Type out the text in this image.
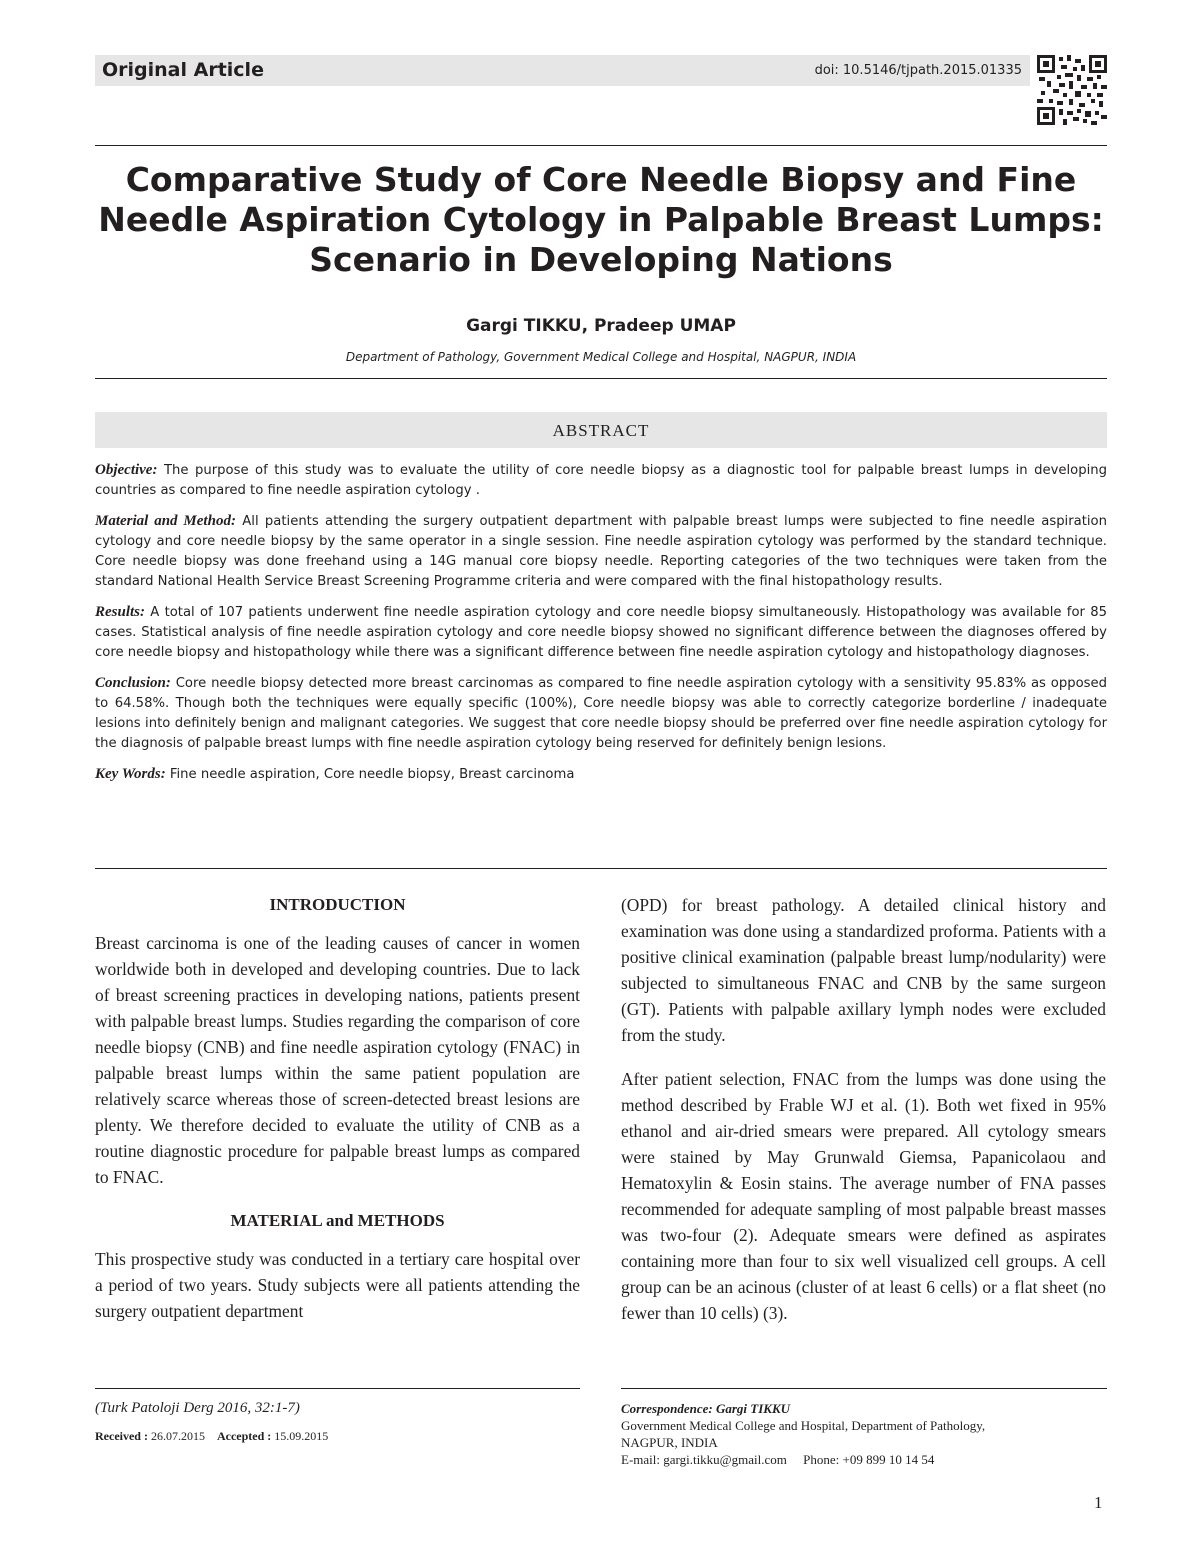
Original Article	doi: 10.5146/tjpath.2015.01335
Comparative Study of Core Needle Biopsy and Fine
Needle Aspiration Cytology in Palpable Breast Lumps:
Scenario in Developing Nations
Gargi TIKKU, Pradeep UMAP
Department of Pathology, Government Medical College and Hospital, NAGPUR, INDIA
ABSTRACT

Objective: The purpose of this study was to evaluate the utility of core needle biopsy as a diagnostic tool for palpable breast lumps in developing countries as compared to fine needle aspiration cytology .

Material and Method: All patients attending the surgery outpatient department with palpable breast lumps were subjected to fine needle aspiration cytology and core needle biopsy by the same operator in a single session. Fine needle aspiration cytology was performed by the standard technique. Core needle biopsy was done freehand using a 14G manual core biopsy needle. Reporting categories of the two techniques were taken from the standard National Health Service Breast Screening Programme criteria and were compared with the final histopathology results.

Results: A total of 107 patients underwent fine needle aspiration cytology and core needle biopsy simultaneously. Histopathology was available for 85 cases. Statistical analysis of fine needle aspiration cytology and core needle biopsy showed no significant difference between the diagnoses offered by core needle biopsy and histopathology while there was a significant difference between fine needle aspiration cytology and histopathology diagnoses.

Conclusion: Core needle biopsy detected more breast carcinomas as compared to fine needle aspiration cytology with a sensitivity 95.83% as opposed to 64.58%. Though both the techniques were equally specific (100%), Core needle biopsy was able to correctly categorize borderline / inadequate lesions into definitely benign and malignant categories. We suggest that core needle biopsy should be preferred over fine needle aspiration cytology for the diagnosis of palpable breast lumps with fine needle aspiration cytology being reserved for definitely benign lesions.

Key Words: Fine needle aspiration, Core needle biopsy, Breast carcinoma

INTRODUCTION

Breast carcinoma is one of the leading causes of cancer in women worldwide both in developed and developing countries. Due to lack of breast screening practices in developing nations, patients present with palpable breast lumps. Studies regarding the comparison of core needle biopsy (CNB) and fine needle aspiration cytology (FNAC) in palpable breast lumps within the same patient population are relatively scarce whereas those of screen-detected breast lesions are plenty. We therefore decided to evaluate the utility of CNB as a routine diagnostic procedure for palpable breast lumps as compared to FNAC.

MATERIAL and METHODS

This prospective study was conducted in a tertiary care hospital over a period of two years. Study subjects were all patients attending the surgery outpatient department

(OPD) for breast pathology. A detailed clinical history and examination was done using a standardized proforma. Patients with a positive clinical examination (palpable breast lump/nodularity) were subjected to simultaneous FNAC and CNB by the same surgeon (GT). Patients with palpable axillary lymph nodes were excluded from the study.

After patient selection, FNAC from the lumps was done using the method described by Frable WJ et al. (1). Both wet fixed in 95% ethanol and air-dried smears were prepared. All cytology smears were stained by May Grunwald Giemsa, Papanicolaou and Hematoxylin & Eosin stains. The average number of FNA passes recommended for adequate sampling of most palpable breast masses was two-four (2). Adequate smears were defined as aspirates containing more than four to six well visualized cell groups. A cell group can be an acinous (cluster of at least 6 cells) or a flat sheet (no fewer than 10 cells) (3).

(Turk Patoloji Derg 2016, 32:1-7)
Received : 26.07.2015 Accepted : 15.09.2015
Correspondence: Gargi TIKKU
Government Medical College and Hospital, Department of Pathology,
NAGPUR, INDIA
E-mail: gargi.tikku@gmail.com Phone: +09 899 10 14 54
1
